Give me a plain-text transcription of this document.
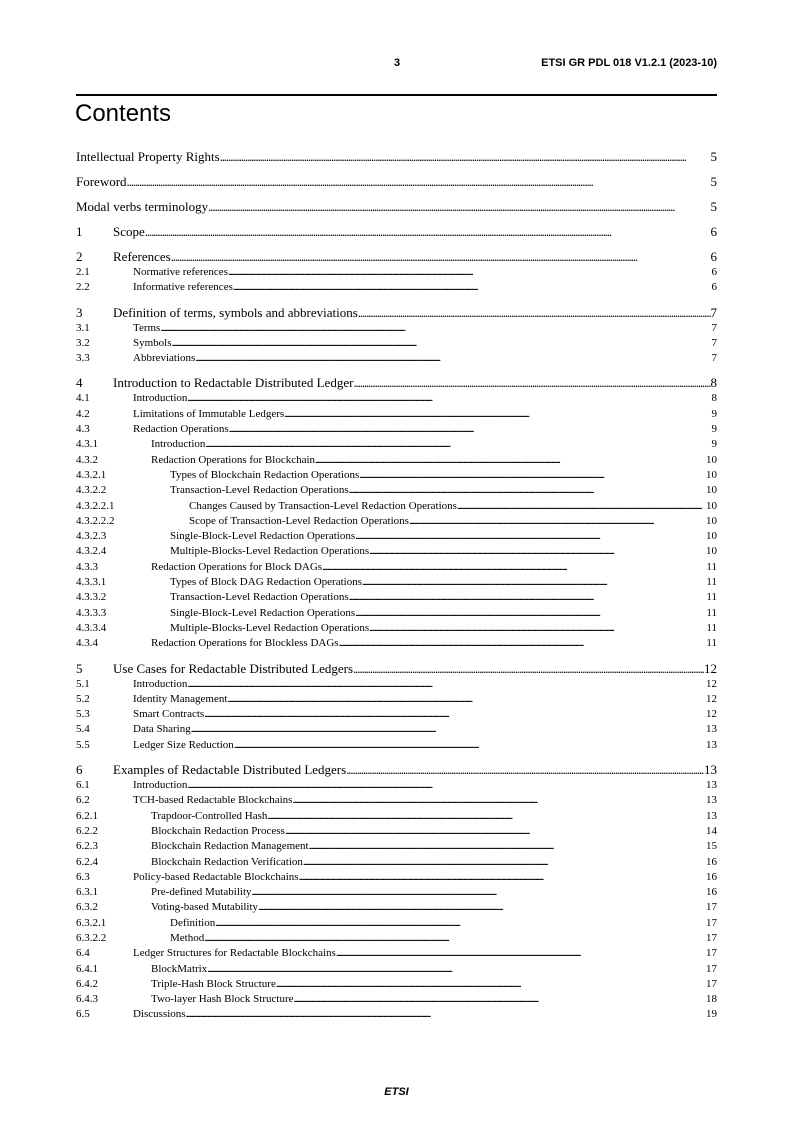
3	ETSI GR PDL 018 V1.2.1 (2023-10)
Contents
Intellectual Property Rights . . .	5
Foreword . . .	5
Modal verbs terminology . . .	5
1	Scope . . .	6
2	References . . .	6
2.1	Normative references . . .	6
2.2	Informative references . . .	6
3	Definition of terms, symbols and abbreviations . . .	7
3.1	Terms . . .	7
3.2	Symbols . . .	7
3.3	Abbreviations . . .	7
4	Introduction to Redactable Distributed Ledger . . .	8
4.1	Introduction . . .	8
4.2	Limitations of Immutable Ledgers . . .	9
4.3	Redaction Operations . . .	9
4.3.1	Introduction . . .	9
4.3.2	Redaction Operations for Blockchain . . .	10
4.3.2.1	Types of Blockchain Redaction Operations . . .	10
4.3.2.2	Transaction-Level Redaction Operations . . .	10
4.3.2.2.1	Changes Caused by Transaction-Level Redaction Operations . . .	10
4.3.2.2.2	Scope of Transaction-Level Redaction Operations . . .	10
4.3.2.3	Single-Block-Level Redaction Operations . . .	10
4.3.2.4	Multiple-Blocks-Level Redaction Operations . . .	10
4.3.3	Redaction Operations for Block DAGs . . .	11
4.3.3.1	Types of Block DAG Redaction Operations . . .	11
4.3.3.2	Transaction-Level Redaction Operations . . .	11
4.3.3.3	Single-Block-Level Redaction Operations . . .	11
4.3.3.4	Multiple-Blocks-Level Redaction Operations . . .	11
4.3.4	Redaction Operations for Blockless DAGs . . .	11
5	Use Cases for Redactable Distributed Ledgers . . .	12
5.1	Introduction . . .	12
5.2	Identity Management . . .	12
5.3	Smart Contracts . . .	12
5.4	Data Sharing . . .	13
5.5	Ledger Size Reduction . . .	13
6	Examples of Redactable Distributed Ledgers . . .	13
6.1	Introduction . . .	13
6.2	TCH-based Redactable Blockchains . . .	13
6.2.1	Trapdoor-Controlled Hash . . .	13
6.2.2	Blockchain Redaction Process . . .	14
6.2.3	Blockchain Redaction Management . . .	15
6.2.4	Blockchain Redaction Verification . . .	16
6.3	Policy-based Redactable Blockchains . . .	16
6.3.1	Pre-defined Mutability . . .	16
6.3.2	Voting-based Mutability . . .	17
6.3.2.1	Definition . . .	17
6.3.2.2	Method . . .	17
6.4	Ledger Structures for Redactable Blockchains . . .	17
6.4.1	BlockMatrix . . .	17
6.4.2	Triple-Hash Block Structure . . .	17
6.4.3	Two-layer Hash Block Structure . . .	18
6.5	Discussions . . .	19
ETSI
